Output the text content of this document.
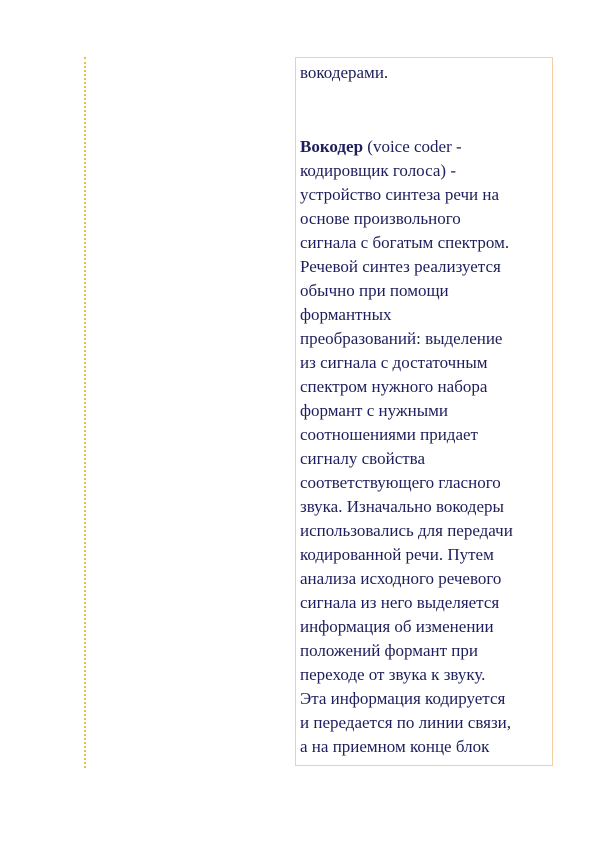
вокодерами.
Вокодер (voice coder -
кодировщик голоса) -
устройство синтеза речи на
основе произвольного
сигнала с богатым спектром.
Речевой синтез реализуется
обычно при помощи
формантных
преобразований: выделение
из сигнала с достаточным
спектром нужного набора
формант с нужными
соотношениями придает
сигналу свойства
соответствующего гласного
звука. Изначально вокодеры
использовались для передачи
кодированной речи. Путем
анализа исходного речевого
сигнала из него выделяется
информация об изменении
положений формант при
переходе от звука к звуку.
Эта информация кодируется
и передается по линии связи,
а на приемном конце блок
